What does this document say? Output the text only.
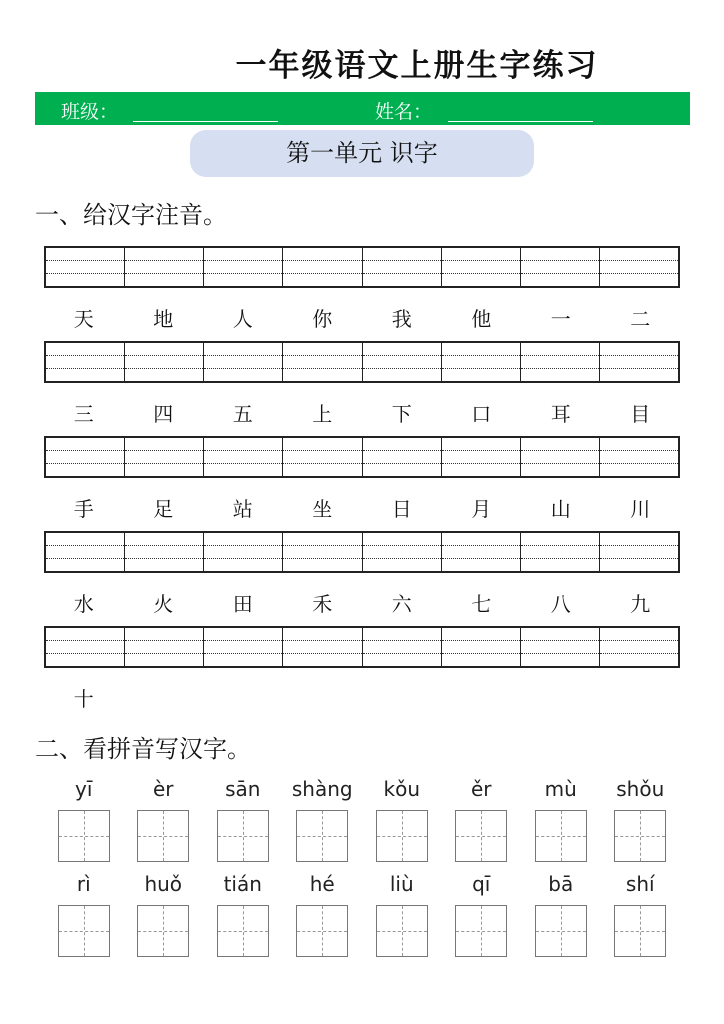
一年级语文上册生字练习
班级：	姓名：
第一单元 识字
一、给汉字注音。
天	地	人	你	我	他	一	二
三	四	五	上	下	口	耳	目
手	足	站	坐	日	月	山	川
水	火	田	禾	六	七	八	九
十
二、看拼音写汉字。
yī	èr	sān	shàng	kǒu	ěr	mù	shǒu
rì	huǒ	tián	hé	liù	qī	bā	shí
